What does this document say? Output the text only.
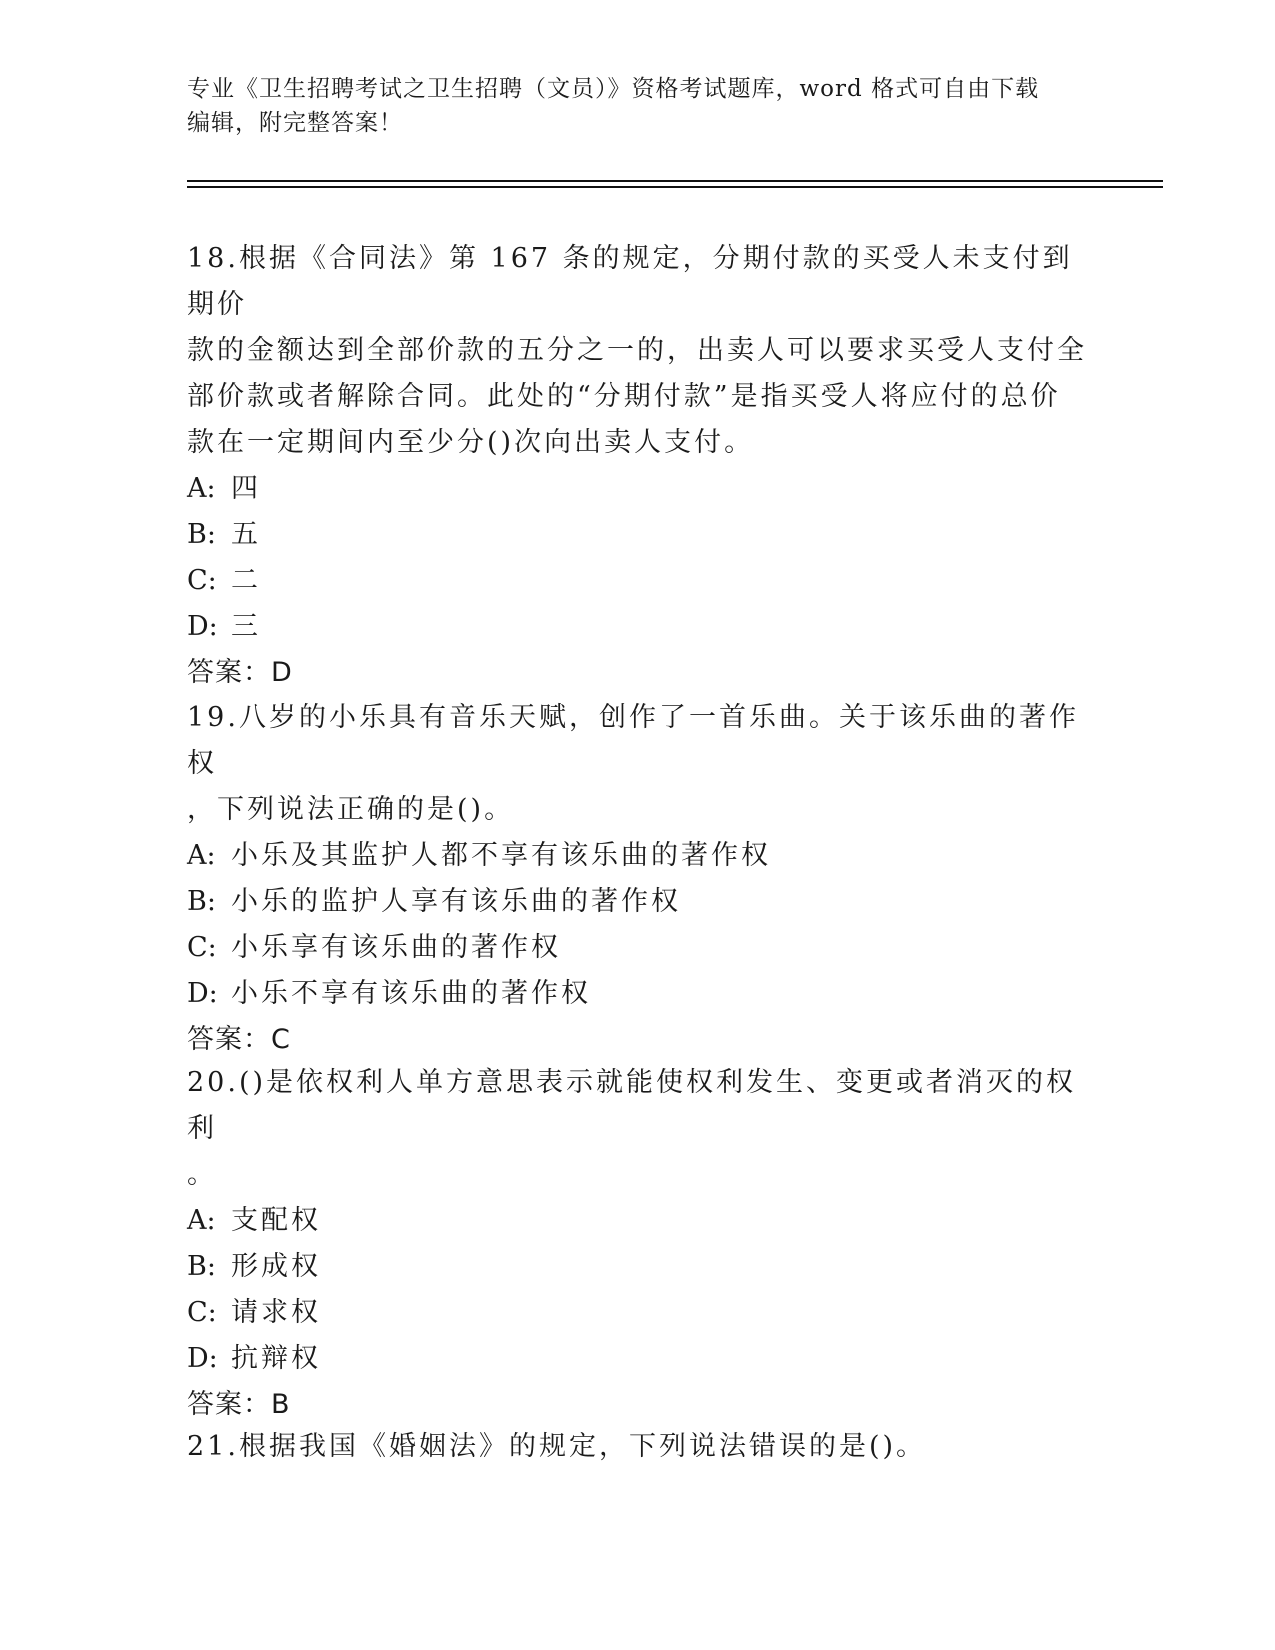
专业《卫生招聘考试之卫生招聘（文员）》资格考试题库，word 格式可自由下载
编辑，附完整答案！
18.根据《合同法》第 167 条的规定，分期付款的买受人未支付到期价
款的金额达到全部价款的五分之一的，出卖人可以要求买受人支付全
部价款或者解除合同。此处的“分期付款”是指买受人将应付的总价
款在一定期间内至少分()次向出卖人支付。
A: 四
B: 五
C: 二
D: 三
答案：D
19.八岁的小乐具有音乐天赋，创作了一首乐曲。关于该乐曲的著作权
，下列说法正确的是()。
A: 小乐及其监护人都不享有该乐曲的著作权
B: 小乐的监护人享有该乐曲的著作权
C: 小乐享有该乐曲的著作权
D: 小乐不享有该乐曲的著作权
答案：C
20.()是依权利人单方意思表示就能使权利发生、变更或者消灭的权利
。
A: 支配权
B: 形成权
C: 请求权
D: 抗辩权
答案：B
21.根据我国《婚姻法》的规定，下列说法错误的是()。
